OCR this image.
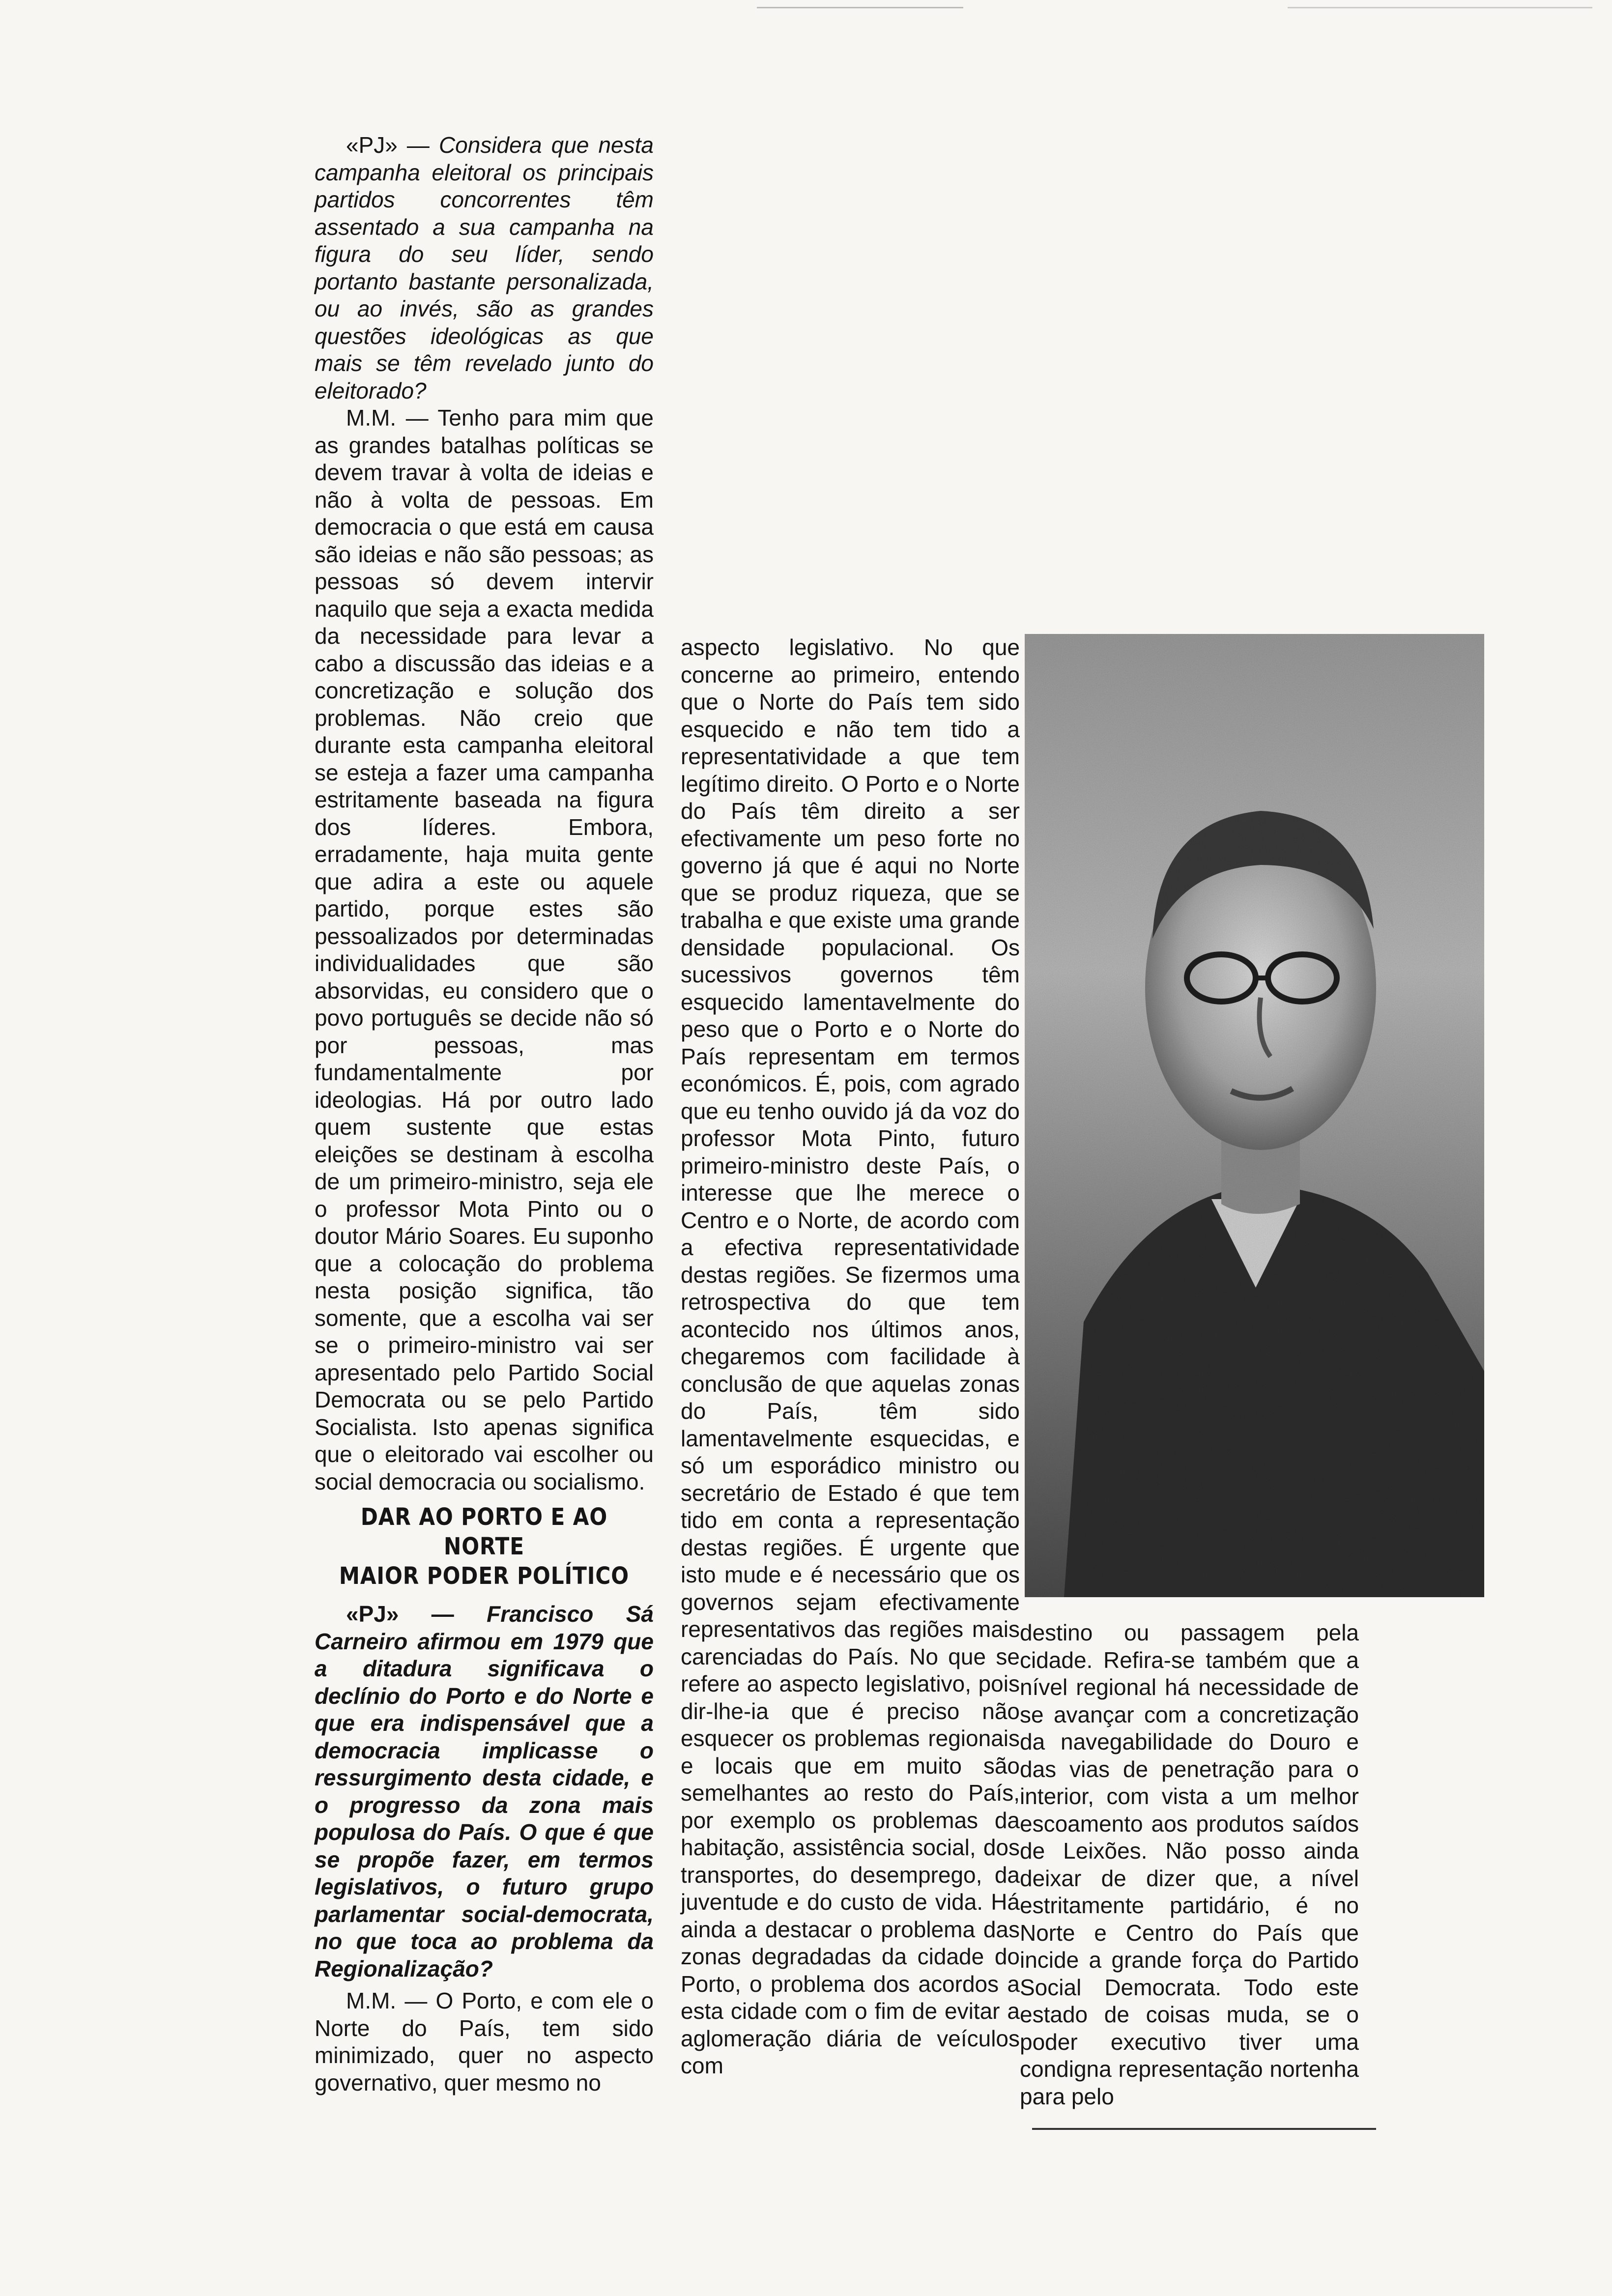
«PJ» — Considera que nesta campanha eleitoral os principais partidos concorrentes têm assentado a sua campanha na figura do seu líder, sendo portanto bastante personalizada, ou ao invés, são as grandes questões ideológicas as que mais se têm revelado junto do eleitorado?

M.M. — Tenho para mim que as grandes batalhas políticas se devem travar à volta de ideias e não à volta de pessoas. Em democracia o que está em causa são ideias e não são pessoas; as pessoas só devem intervir naquilo que seja a exacta medida da necessidade para levar a cabo a discussão das ideias e a concretização e solução dos problemas. Não creio que durante esta campanha eleitoral se esteja a fazer uma campanha estritamente baseada na figura dos líderes. Embora, erradamente, haja muita gente que adira a este ou aquele partido, porque estes são pessoalizados por determinadas individualidades que são absorvidas, eu considero que o povo português se decide não só por pessoas, mas fundamentalmente por ideologias. Há por outro lado quem sustente que estas eleições se destinam à escolha de um primeiro-ministro, seja ele o professor Mota Pinto ou o doutor Mário Soares. Eu suponho que a colocação do problema nesta posição significa, tão somente, que a escolha vai ser se o primeiro-ministro vai ser apresentado pelo Partido Social Democrata ou se pelo Partido Socialista. Isto apenas significa que o eleitorado vai escolher ou social democracia ou socialismo.

DAR AO PORTO E AO NORTE
MAIOR PODER POLÍTICO

«PJ» — Francisco Sá Carneiro afirmou em 1979 que a ditadura significava o declínio do Porto e do Norte e que era indispensável que a democracia implicasse o ressurgimento desta cidade, e o progresso da zona mais populosa do País. O que é que se propõe fazer, em termos legislativos, o futuro grupo parlamentar social-democrata, no que toca ao problema da Regionalização?

M.M. — O Porto, e com ele o Norte do País, tem sido minimizado, quer no aspecto governativo, quer mesmo no

aspecto legislativo. No que concerne ao primeiro, entendo que o Norte do País tem sido esquecido e não tem tido a representatividade a que tem legítimo direito. O Porto e o Norte do País têm direito a ser efectivamente um peso forte no governo já que é aqui no Norte que se produz riqueza, que se trabalha e que existe uma grande densidade populacional. Os sucessivos governos têm esquecido lamentavelmente do peso que o Porto e o Norte do País representam em termos económicos. É, pois, com agrado que eu tenho ouvido já da voz do professor Mota Pinto, futuro primeiro-ministro deste País, o interesse que lhe merece o Centro e o Norte, de acordo com a efectiva representatividade destas regiões. Se fizermos uma retrospectiva do que tem acontecido nos últimos anos, chegaremos com facilidade à conclusão de que aquelas zonas do País, têm sido lamentavelmente esquecidas, e só um esporádico ministro ou secretário de Estado é que tem tido em conta a representação destas regiões. É urgente que isto mude e é necessário que os governos sejam efectivamente representativos das regiões mais carenciadas do País. No que se refere ao aspecto legislativo, pois dir-lhe-ia que é preciso não esquecer os problemas regionais e locais que em muito são semelhantes ao resto do País, por exemplo os problemas da habitação, assistência social, dos transportes, do desemprego, da juventude e do custo de vida. Há ainda a destacar o problema das zonas degradadas da cidade do Porto, o problema dos acordos a esta cidade com o fim de evitar a aglomeração diária de veículos com

destino ou passagem pela cidade. Refira-se também que a nível regional há necessidade de se avançar com a concretização da navegabilidade do Douro e das vias de penetração para o interior, com vista a um melhor escoamento aos produtos saídos de Leixões. Não posso ainda deixar de dizer que, a nível estritamente partidário, é no Norte e Centro do País que incide a grande força do Partido Social Democrata. Todo este estado de coisas muda, se o poder executivo tiver uma condigna representação nortenha para pelo
